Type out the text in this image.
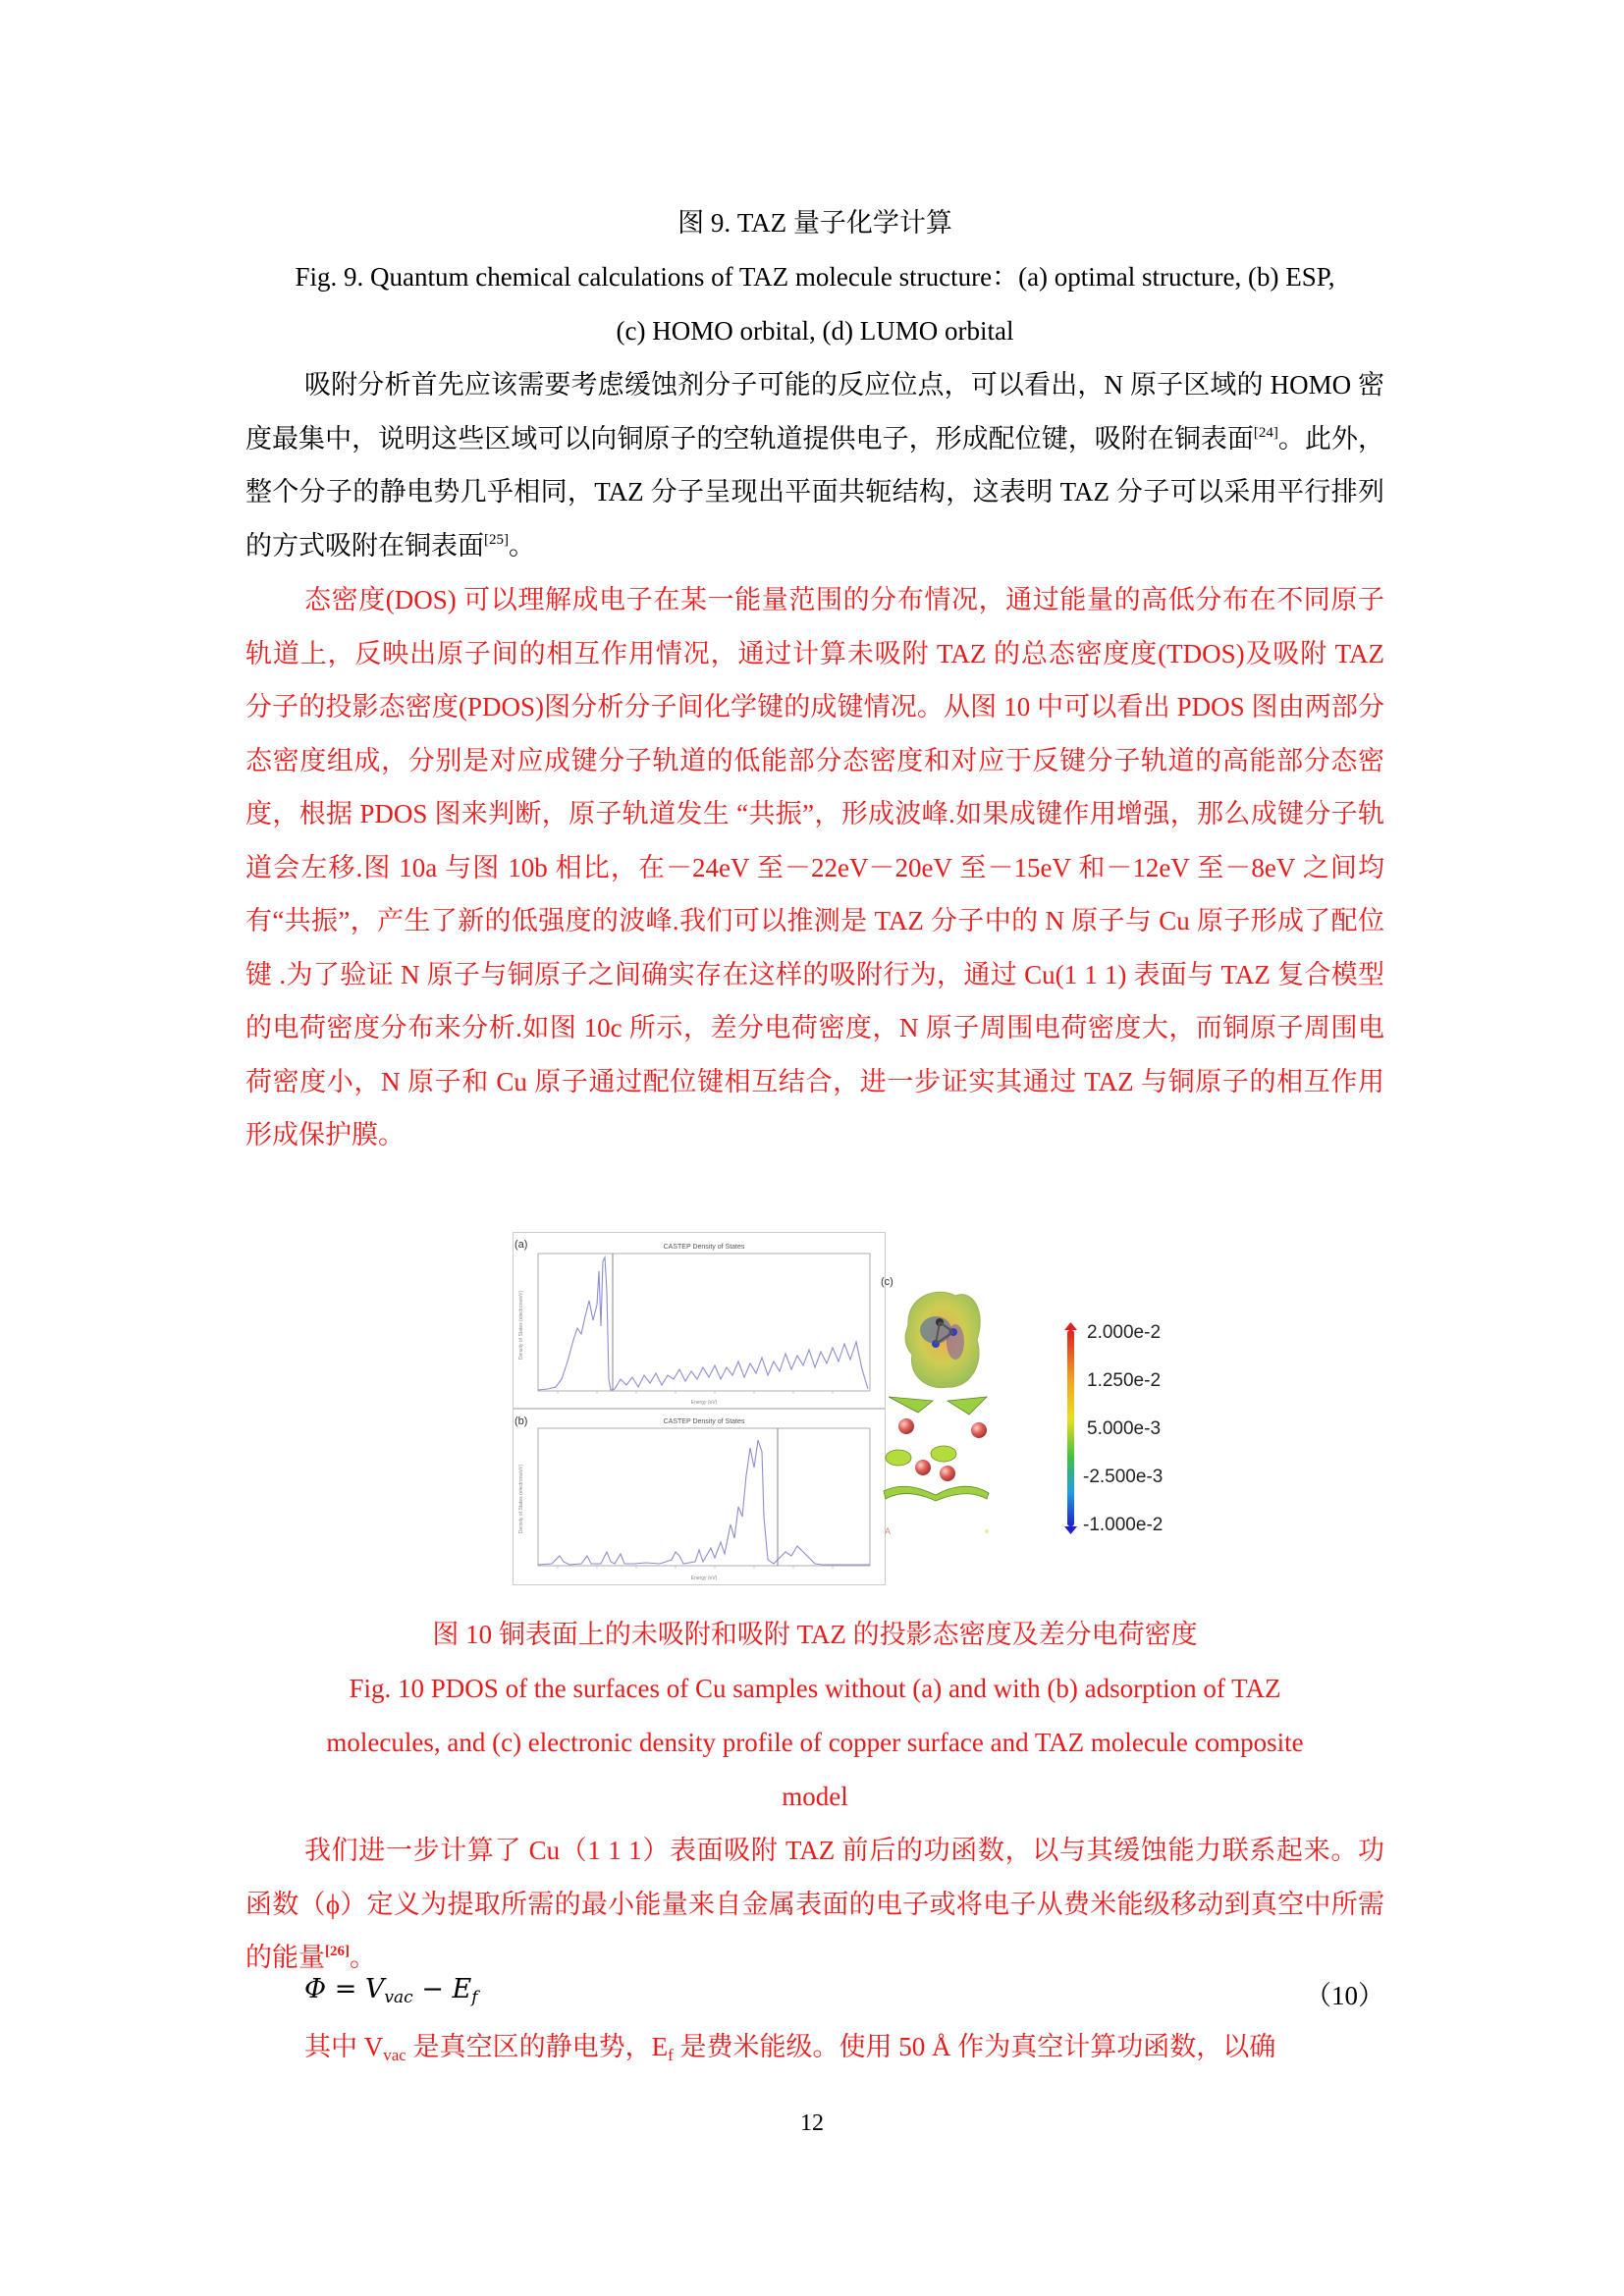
图 9. TAZ 量子化学计算

Fig. 9. Quantum chemical calculations of TAZ molecule structure：(a) optimal structure, (b) ESP,

(c) HOMO orbital, (d) LUMO orbital

吸附分析首先应该需要考虑缓蚀剂分子可能的反应位点，可以看出，N 原子区域的 HOMO 密度最集中，说明这些区域可以向铜原子的空轨道提供电子，形成配位键，吸附在铜表面[24]。此外，整个分子的静电势几乎相同，TAZ 分子呈现出平面共轭结构，这表明 TAZ 分子可以采用平行排列的方式吸附在铜表面[25]。

态密度(DOS) 可以理解成电子在某一能量范围的分布情况，通过能量的高低分布在不同原子轨道上，反映出原子间的相互作用情况，通过计算未吸附 TAZ 的总态密度度(TDOS)及吸附 TAZ 分子的投影态密度(PDOS)图分析分子间化学键的成键情况。从图 10 中可以看出 PDOS 图由两部分态密度组成，分别是对应成键分子轨道的低能部分态密度和对应于反键分子轨道的高能部分态密度，根据 PDOS 图来判断，原子轨道发生 “共振”，形成波峰.如果成键作用增强，那么成键分子轨道会左移.图 10a 与图 10b 相比，在－24eV 至－22eV－20eV 至－15eV 和－12eV 至－8eV 之间均有“共振”，产生了新的低强度的波峰.我们可以推测是 TAZ 分子中的 N 原子与 Cu 原子形成了配位键 .为了验证 N 原子与铜原子之间确实存在这样的吸附行为，通过 Cu(1 1 1) 表面与 TAZ 复合模型的电荷密度分布来分析.如图 10c 所示，差分电荷密度，N 原子周围电荷密度大，而铜原子周围电荷密度小，N 原子和 Cu 原子通过配位键相互结合，进一步证实其通过 TAZ 与铜原子的相互作用形成保护膜。

(a)	CASTEP Density of States
Density of States (electrons/eV)
Energy (eV)
(b)	CASTEP Density of States
Density of States (electrons/eV)
Energy (eV)
(c)
A
2.000e-2
1.250e-2
5.000e-3
-2.500e-3
-1.000e-2

图 10 铜表面上的未吸附和吸附 TAZ 的投影态密度及差分电荷密度

Fig. 10 PDOS of the surfaces of Cu samples without (a) and with (b) adsorption of TAZ

molecules, and (c) electronic density profile of copper surface and TAZ molecule composite

model

我们进一步计算了 Cu（1 1 1）表面吸附 TAZ 前后的功函数，以与其缓蚀能力联系起来。功函数（ϕ）定义为提取所需的最小能量来自金属表面的电子或将电子从费米能级移动到真空中所需的能量[26]。

$\Phi = V_{vac} - E_f$	（10）

其中 $V_{vac}$ 是真空区的静电势，$E_f$ 是费米能级。使用 50 Å 作为真空计算功函数，以确

12
